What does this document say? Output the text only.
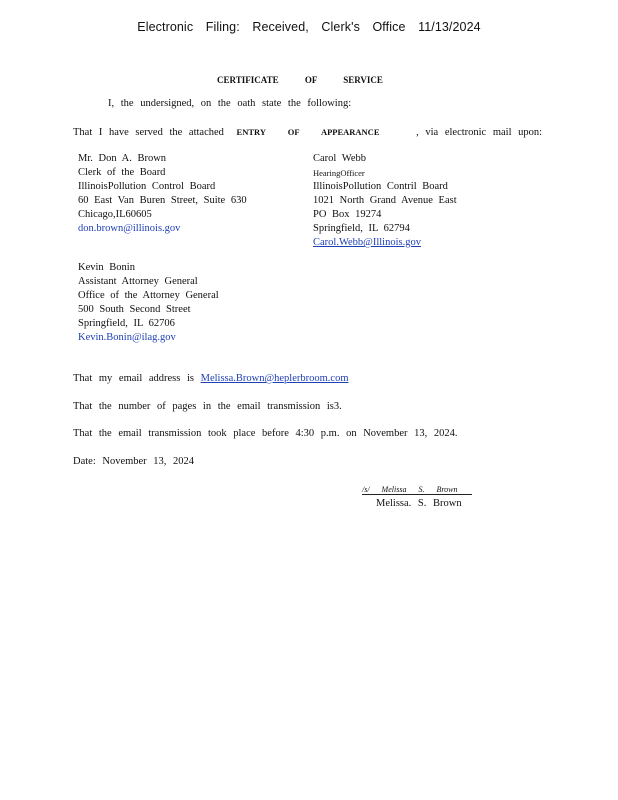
Electronic Filing: Received, Clerk's Office 11/13/2024
CERTIFICATE OF SERVICE
I, the undersigned, on the oath state the following:
That I have served the attached ENTRY OF APPEARANCE	, via electronic mail upon:
Mr. Don A. Brown
Clerk of the Board
IllinoisPollution Control Board
60 East Van Buren Street, Suite 630
Chicago,IL60605
don.brown@illinois.gov
Carol Webb
HearingOfficer
IllinoisPollution Contril Board
1021 North Grand Avenue East
PO Box 19274
Springfield, IL 62794
Carol.Webb@Illinois.gov
Kevin Bonin
Assistant Attorney General
Office of the Attorney General
500 South Second Street
Springfield, IL 62706
Kevin.Bonin@ilag.gov
That my email address is Melissa.Brown@heplerbroom.com
That the number of pages in the email transmission is3.
That the email transmission took place before 4:30 p.m. on November 13, 2024.
Date: November 13, 2024
/s/ Melissa S. Brown
Melissa. S. Brown
